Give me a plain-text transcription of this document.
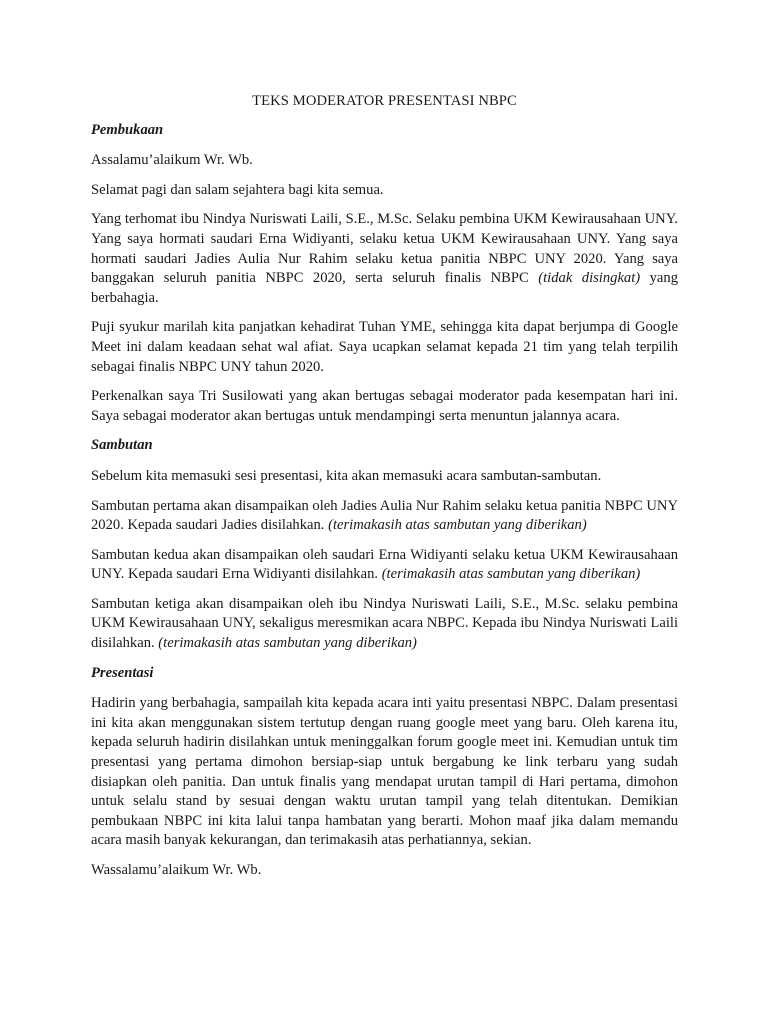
TEKS MODERATOR PRESENTASI NBPC
Pembukaan

Assalamu’alaikum Wr. Wb.

Selamat pagi dan salam sejahtera bagi kita semua.

Yang terhomat ibu Nindya Nuriswati Laili, S.E., M.Sc. Selaku pembina UKM Kewirausahaan UNY. Yang saya hormati saudari Erna Widiyanti, selaku ketua UKM Kewirausahaan UNY. Yang saya hormati saudari Jadies Aulia Nur Rahim selaku ketua panitia NBPC UNY 2020. Yang saya banggakan seluruh panitia NBPC 2020, serta seluruh finalis NBPC (tidak disingkat) yang berbahagia.

Puji syukur marilah kita panjatkan kehadirat Tuhan YME, sehingga kita dapat berjumpa di Google Meet ini dalam keadaan sehat wal afiat. Saya ucapkan selamat kepada 21 tim yang telah terpilih sebagai finalis NBPC UNY tahun 2020.

Perkenalkan saya Tri Susilowati yang akan bertugas sebagai moderator pada kesempatan hari ini. Saya sebagai moderator akan bertugas untuk mendampingi serta menuntun jalannya acara.

Sambutan

Sebelum kita memasuki sesi presentasi, kita akan memasuki acara sambutan-sambutan.

Sambutan pertama akan disampaikan oleh Jadies Aulia Nur Rahim selaku ketua panitia NBPC UNY 2020. Kepada saudari Jadies disilahkan. (terimakasih atas sambutan yang diberikan)

Sambutan kedua akan disampaikan oleh saudari Erna Widiyanti selaku ketua UKM Kewirausahaan UNY. Kepada saudari Erna Widiyanti disilahkan. (terimakasih atas sambutan yang diberikan)

Sambutan ketiga akan disampaikan oleh ibu Nindya Nuriswati Laili, S.E., M.Sc. selaku pembina UKM Kewirausahaan UNY, sekaligus meresmikan acara NBPC. Kepada ibu Nindya Nuriswati Laili disilahkan. (terimakasih atas sambutan yang diberikan)

Presentasi

Hadirin yang berbahagia, sampailah kita kepada acara inti yaitu presentasi NBPC. Dalam presentasi ini kita akan menggunakan sistem tertutup dengan ruang google meet yang baru. Oleh karena itu, kepada seluruh hadirin disilahkan untuk meninggalkan forum google meet ini. Kemudian untuk tim presentasi yang pertama dimohon bersiap-siap untuk bergabung ke link terbaru yang sudah disiapkan oleh panitia. Dan untuk finalis yang mendapat urutan tampil di Hari pertama, dimohon untuk selalu stand by sesuai dengan waktu urutan tampil yang telah ditentukan. Demikian pembukaan NBPC ini kita lalui tanpa hambatan yang berarti. Mohon maaf jika dalam memandu acara masih banyak kekurangan, dan terimakasih atas perhatiannya, sekian.

Wassalamu’alaikum Wr. Wb.
